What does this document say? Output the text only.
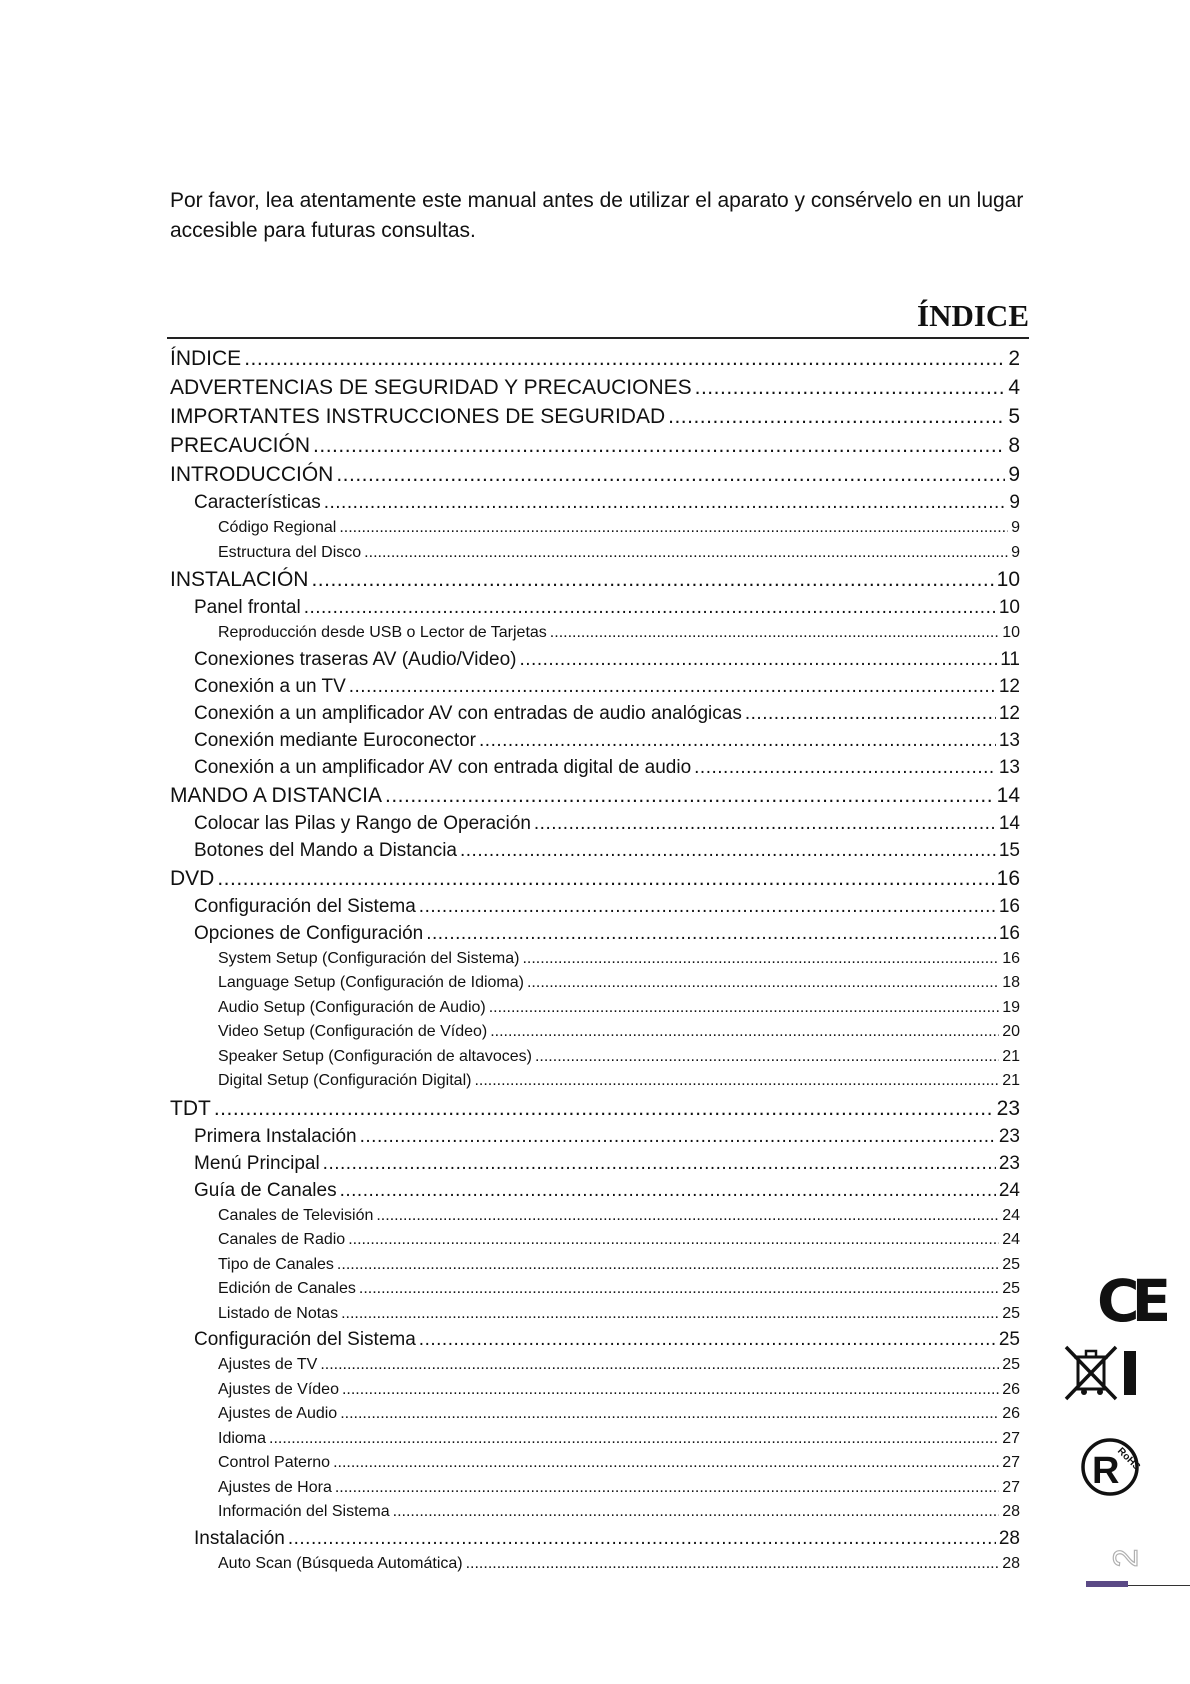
Por favor, lea atentamente este manual antes de utilizar el aparato y consérvelo en un lugar accesible para futuras consultas.

ÍNDICE
ÍNDICE .....	2
ADVERTENCIAS DE SEGURIDAD Y PRECAUCIONES .....	4
IMPORTANTES INSTRUCCIONES DE SEGURIDAD .....	5
PRECAUCIÓN .....	8
INTRODUCCIÓN .....	9
Características .....	9
Código Regional .....	9
Estructura del Disco .....	9
INSTALACIÓN .....	10
Panel frontal .....	10
Reproducción desde USB o Lector de Tarjetas .....	10
Conexiones traseras AV (Audio/Video) .....	11
Conexión a un TV .....	12
Conexión a un amplificador AV con entradas de audio analógicas .....	12
Conexión mediante Euroconector .....	13
Conexión a un amplificador AV con entrada digital de audio .....	13
MANDO A DISTANCIA .....	14
Colocar las Pilas y Rango de Operación .....	14
Botones del Mando a Distancia .....	15
DVD .....	16
Configuración del Sistema .....	16
Opciones de Configuración .....	16
System Setup (Configuración del Sistema) .....	16
Language Setup (Configuración de Idioma) .....	18
Audio Setup (Configuración de Audio) .....	19
Video Setup (Configuración de Vídeo) .....	20
Speaker Setup (Configuración de altavoces) .....	21
Digital Setup (Configuración Digital) .....	21
TDT .....	23
Primera Instalación .....	23
Menú Principal .....	23
Guía de Canales .....	24
Canales de Televisión .....	24
Canales de Radio .....	24
Tipo de Canales .....	25
Edición de Canales .....	25
Listado de Notas .....	25
Configuración del Sistema .....	25
Ajustes de TV .....	25
Ajustes de Vídeo .....	26
Ajustes de Audio .....	26
Idioma .....	27
Control Paterno .....	27
Ajustes de Hora .....	27
Información del Sistema .....	28
Instalación .....	28
Auto Scan (Búsqueda Automática) .....	28
CE
R
RoHS
2
